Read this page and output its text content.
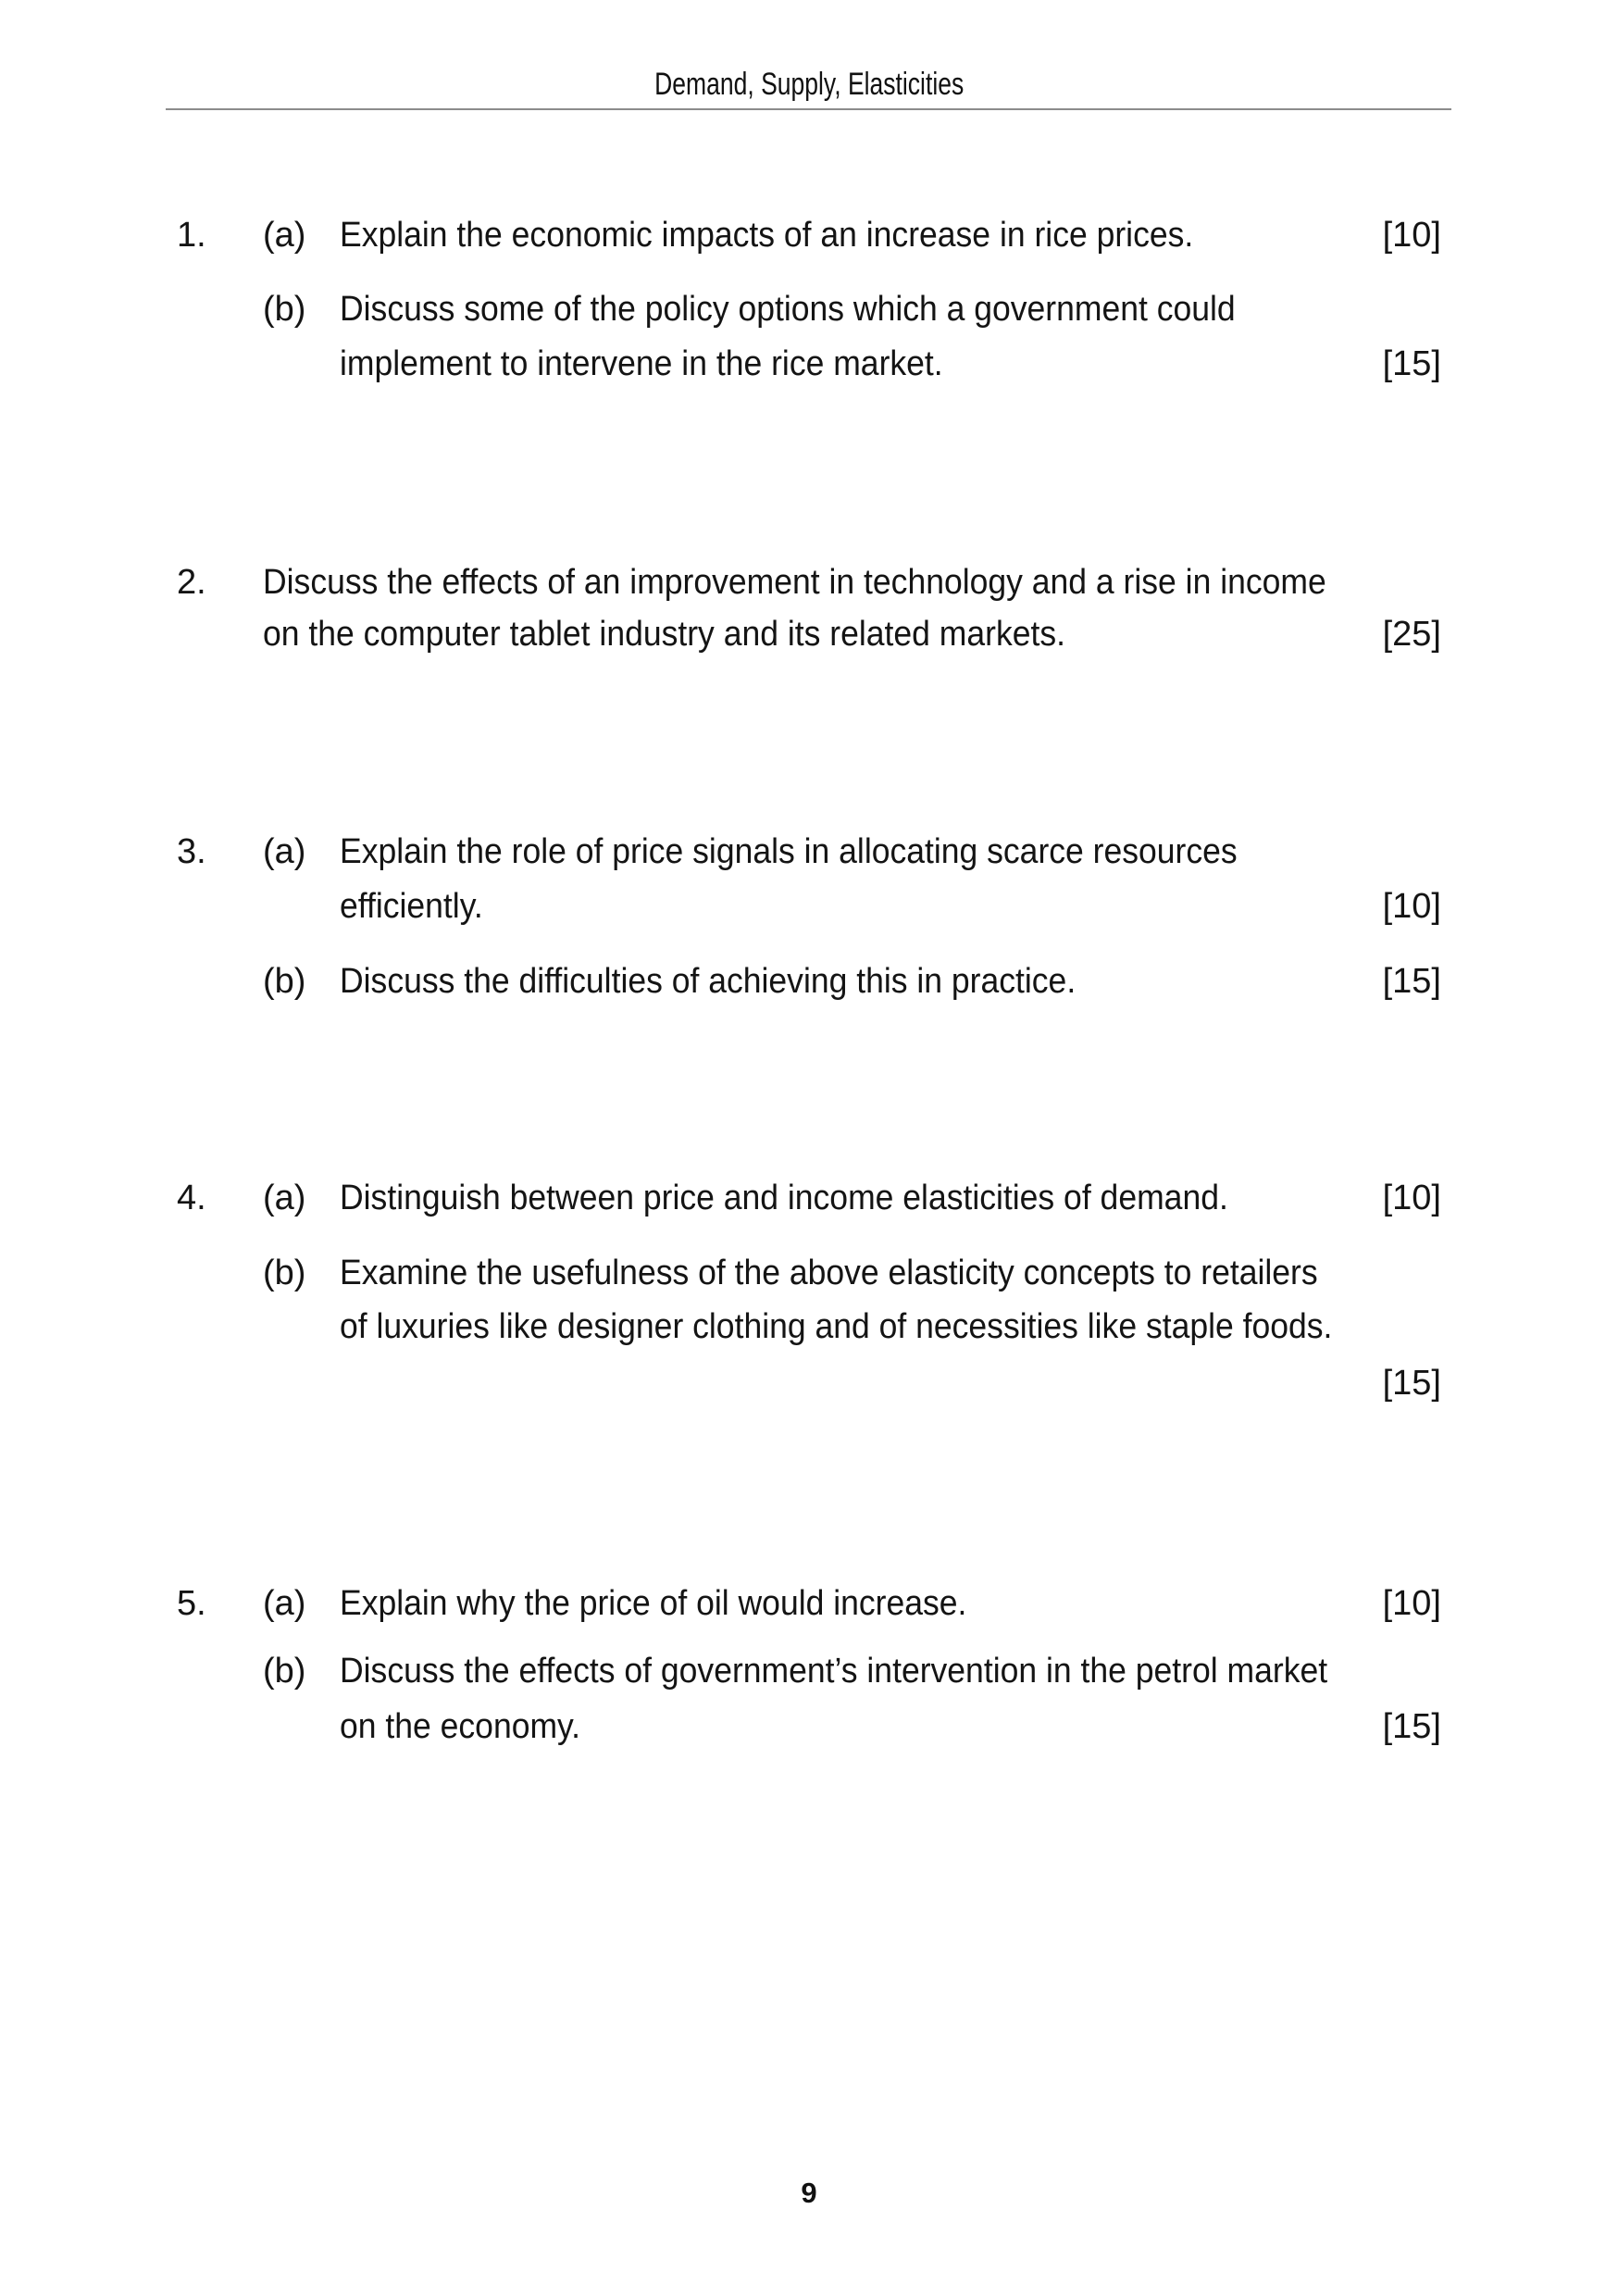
Demand, Supply, Elasticities
1. (a) Explain the economic impacts of an increase in rice prices.	[10]
(b) Discuss some of the policy options which a government could
implement to intervene in the rice market.	[15]
2. Discuss the effects of an improvement in technology and a rise in income
on the computer tablet industry and its related markets.	[25]
3. (a) Explain the role of price signals in allocating scarce resources
efficiently.	[10]
(b) Discuss the difficulties of achieving this in practice.	[15]
4. (a) Distinguish between price and income elasticities of demand.	[10]
(b) Examine the usefulness of the above elasticity concepts to retailers
of luxuries like designer clothing and of necessities like staple foods.
[15]
5. (a) Explain why the price of oil would increase.	[10]
(b) Discuss the effects of government’s intervention in the petrol market
on the economy.	[15]
9
